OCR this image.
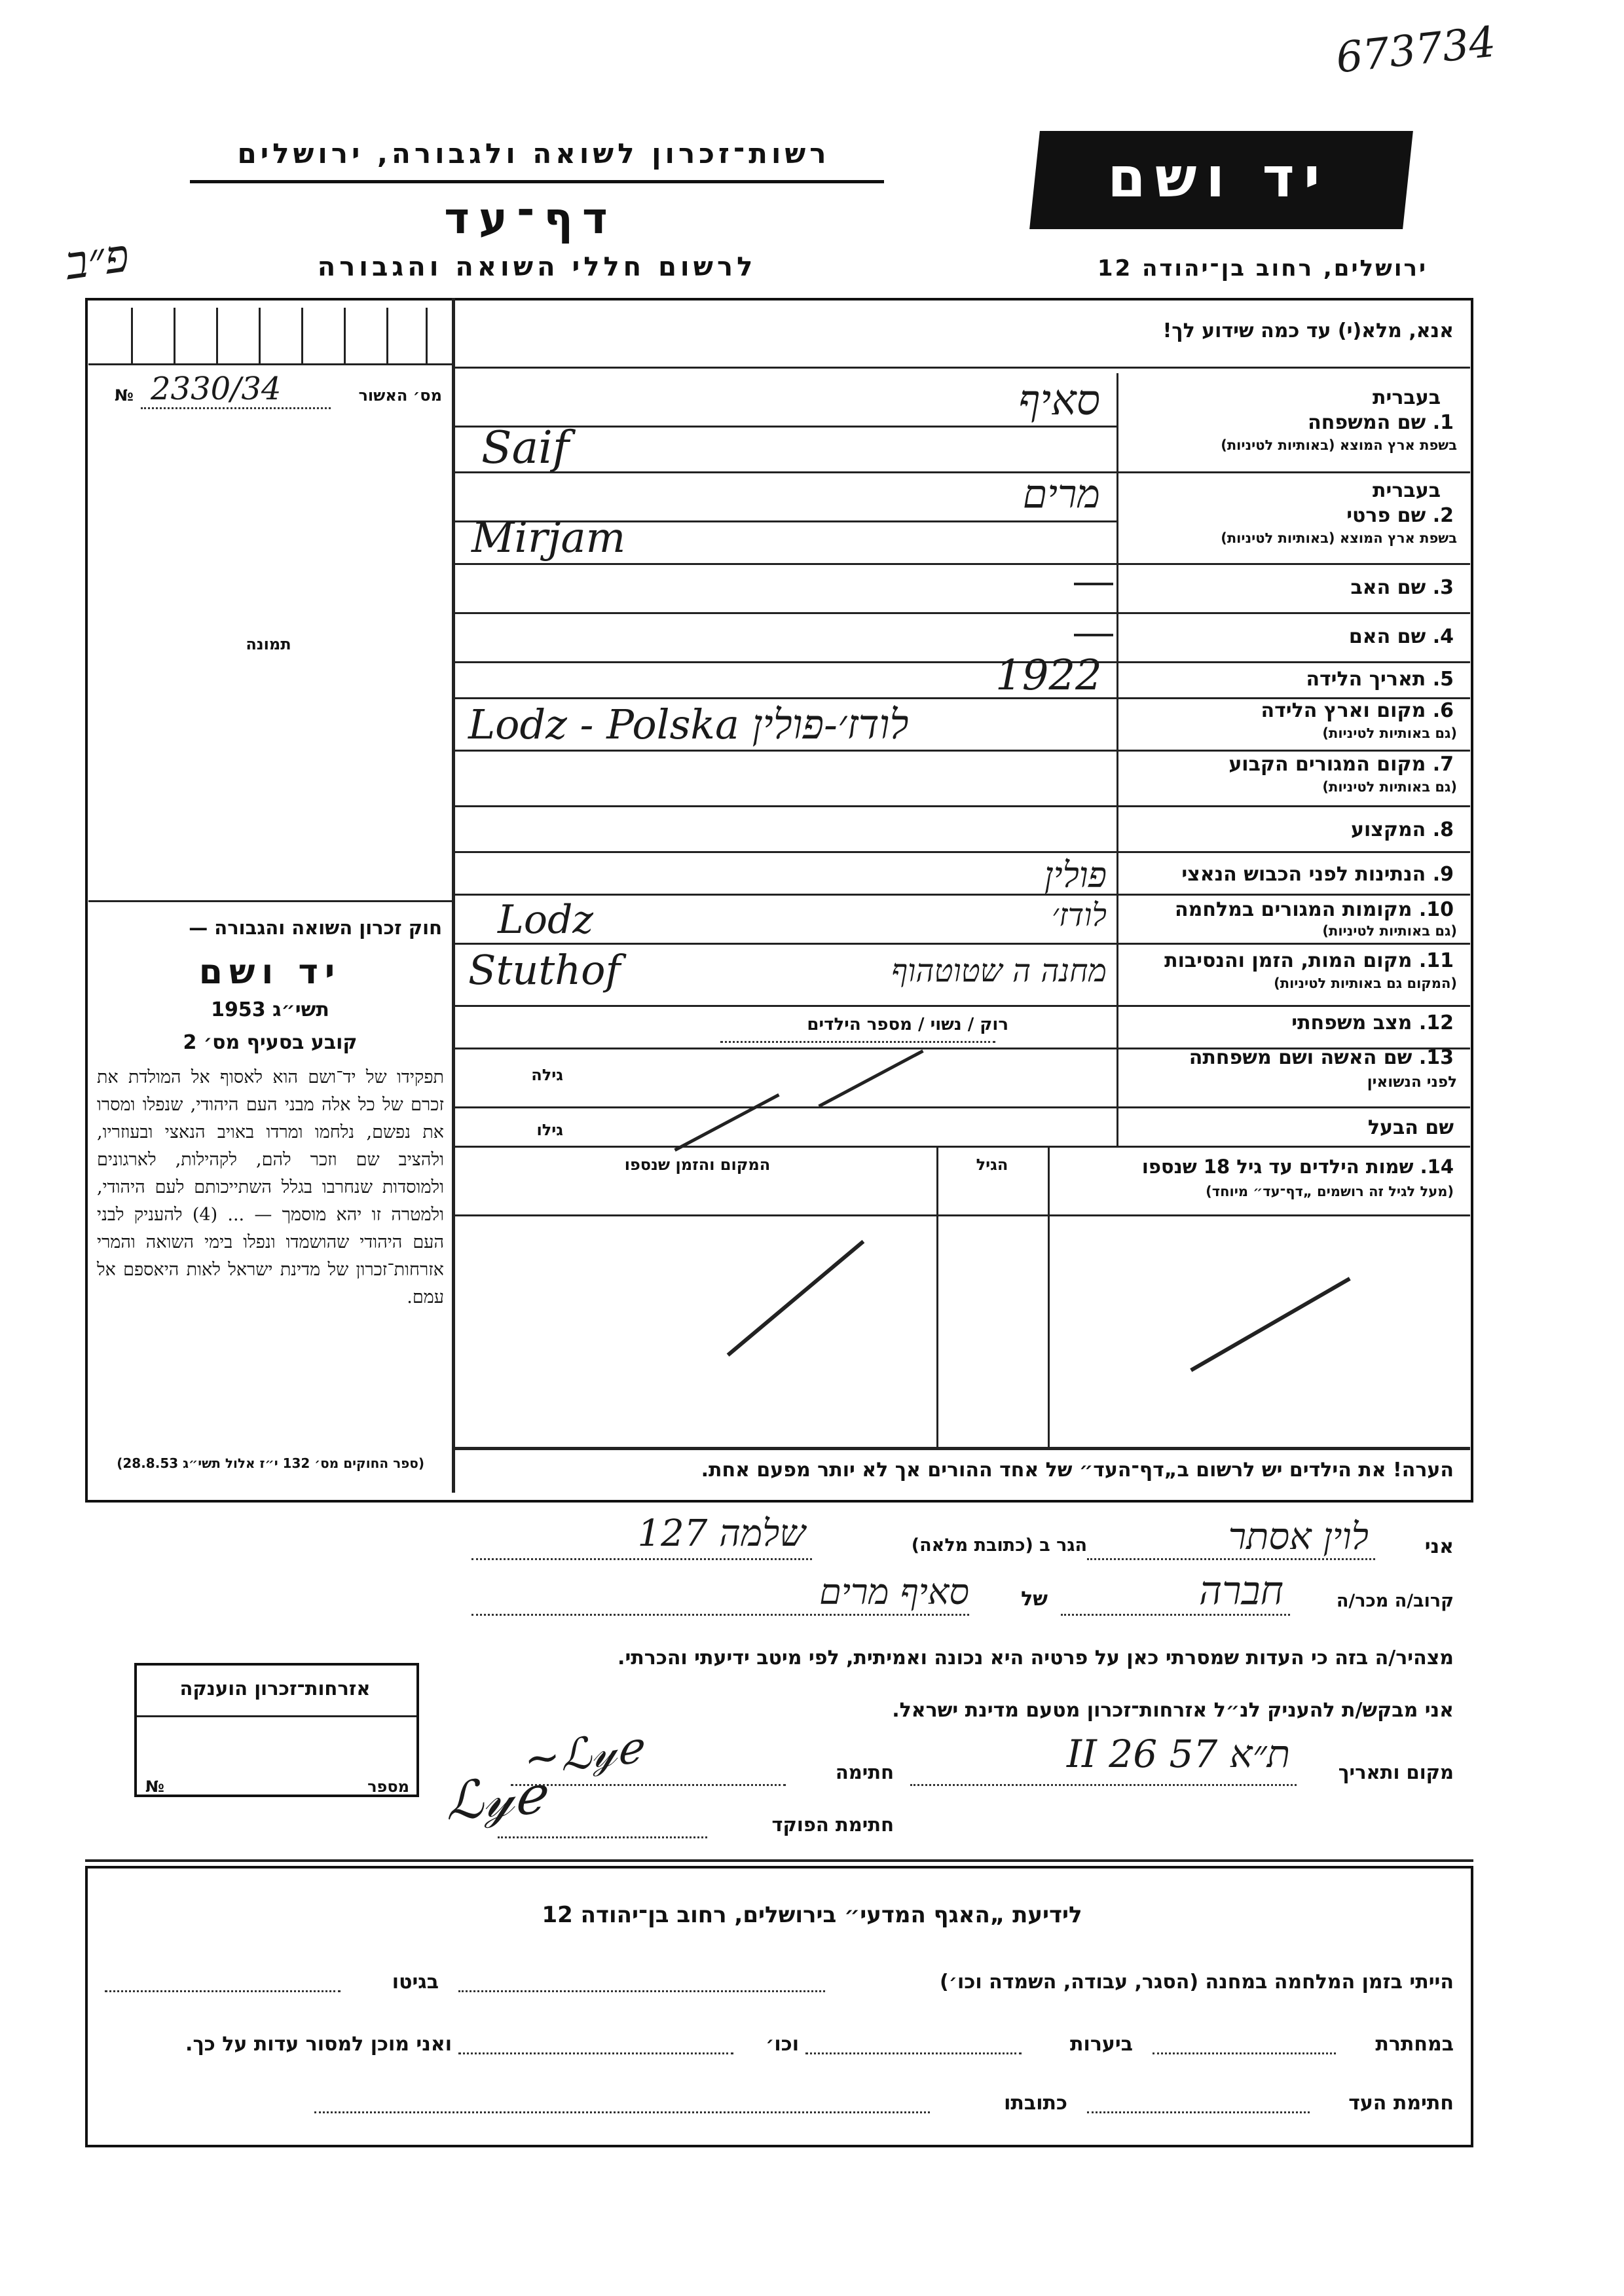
673734
רשות־זכרון לשואה ולגבורה, ירושלים
דף־עד
לרשום חללי השואה והגבורה
יד ושם
ירושלים, רחוב בן־יהודה 12
פ״ב
אנא, מלא(י) עד כמה שידוע לך!
מס׳ האשור
№ 2330/34
תמונה
חוק זכרון השואה והגבורה —
יד ושם
תשי״ג 1953
קובע בסעיף מס׳ 2
תפקידו של יד־ושם הוא לאסוף אל המולדת את זכרם של כל אלה מבני העם היהודי, שנפלו ומסרו את נפשם, נלחמו ומרדו באויב הנאצי ובעוזריו, ולהציב שם וזכר להם, לקהילות, לארגונים ולמוסדות שנחרבו בגלל השתייכותם לעם היהודי, ולמטרה זו יהא מוסמך — ... (4) להעניק לבני העם היהודי שהושמדו ונפלו בימי השואה והמרי אזרחות־זכרון של מדינת ישראל לאות היאספם אל עמם.
(ספר החוקים מס׳ 132 י״ז אלול תשי״ג 28.8.53)
בעברית
1. שם המשפחה
בשפת ארץ המוצא (באותיות לטיניות)
סאיף
Saif
בעברית
2. שם פרטי
בשפת ארץ המוצא (באותיות לטיניות)
מרים
Mirjam
3. שם האב
4. שם האם
5. תאריך הלידה
1922
6. מקום וארץ הלידה
(גם באותיות לטיניות)
Lodz - Polska לודז׳-פולין
7. מקום המגורים הקבוע
(גם באותיות לטיניות)
8. המקצוע
9. הנתינות לפני הכבוש הנאצי
פולין
10. מקומות המגורים במלחמה
(גם באותיות לטיניות)
Lodz	לודז׳
11. מקום המות, הזמן והנסיבות
(המקום גם באותיות לטיניות)
Stuthof	מחנה ה שטוטהוף
12. מצב משפחתי
רוק / נשוי / מספר הילדים
13. שם האשה ושם משפחתה
לפני הנשואין
גילה
שם הבעל
גילו
14. שמות הילדים עד גיל 18 שנספו
(מעל לגיל זה רושמים „דף־עד״ מיוחד)
הגיל
המקום והזמן שנספו
הערה! את הילדים יש לרשום ב„דף־העד״ של אחד ההורים אך לא יותר מפעם אחת.
אני
לוין אסתר
הגר ב (כתובת מלאה)
שלמה 127
קרוב/ה מכר/ה
חברה
של
סאיף מרים
מצהיר/ה בזה כי העדות שמסרתי כאן על פרטיה היא נכונה ואמיתית, לפי מיטב ידיעתי והכרתי.
אני מבקש/ת להעניק לנ״ל אזרחות־זכרון מטעם מדינת ישראל.
מקום ותאריך
ת״א 57 II 26
חתימה
~ℒ𝓎ℯ
חתימת הפוקד
ℒ𝓎ℯ
אזרחות־זכרון הוענקה
מספר
№
לידיעת „האגף המדעי״ בירושלים, רחוב בן־יהודה 12
הייתי בזמן המלחמה במחנה (הסגר, עבודה, השמדה וכו׳)
בגיטו
במחתרת
ביערות
וכו׳
ואני מוכן למסור עדות על כך.
חתימת העד
כתובתו
